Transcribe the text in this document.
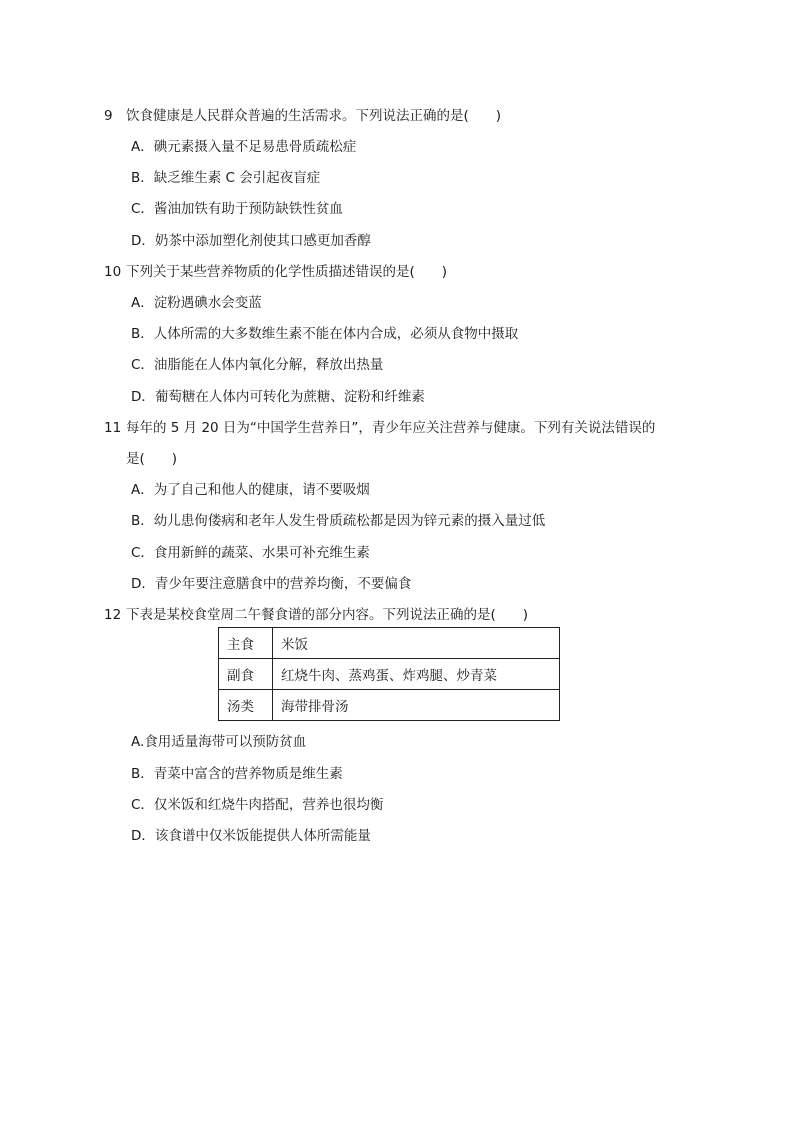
9 饮食健康是人民群众普遍的生活需求。下列说法正确的是(　　)
A．碘元素摄入量不足易患骨质疏松症
B．缺乏维生素 C 会引起夜盲症
C．酱油加铁有助于预防缺铁性贫血
D．奶茶中添加塑化剂使其口感更加香醇
10 下列关于某些营养物质的化学性质描述错误的是(　　)
A．淀粉遇碘水会变蓝
B．人体所需的大多数维生素不能在体内合成，必须从食物中摄取
C．油脂能在人体内氧化分解，释放出热量
D．葡萄糖在人体内可转化为蔗糖、淀粉和纤维素
11 每年的 5 月 20 日为“中国学生营养日”，青少年应关注营养与健康。下列有关说法错误的
是(　　)
A．为了自己和他人的健康，请不要吸烟
B．幼儿患佝偻病和老年人发生骨质疏松都是因为锌元素的摄入量过低
C．食用新鲜的蔬菜、水果可补充维生素
D．青少年要注意膳食中的营养均衡，不要偏食
12 下表是某校食堂周二午餐食谱的部分内容。下列说法正确的是(　　)
主食	米饭
副食	红烧牛肉、蒸鸡蛋、炸鸡腿、炒青菜
汤类	海带排骨汤
A.食用适量海带可以预防贫血
B．青菜中富含的营养物质是维生素
C．仅米饭和红烧牛肉搭配，营养也很均衡
D．该食谱中仅米饭能提供人体所需能量
